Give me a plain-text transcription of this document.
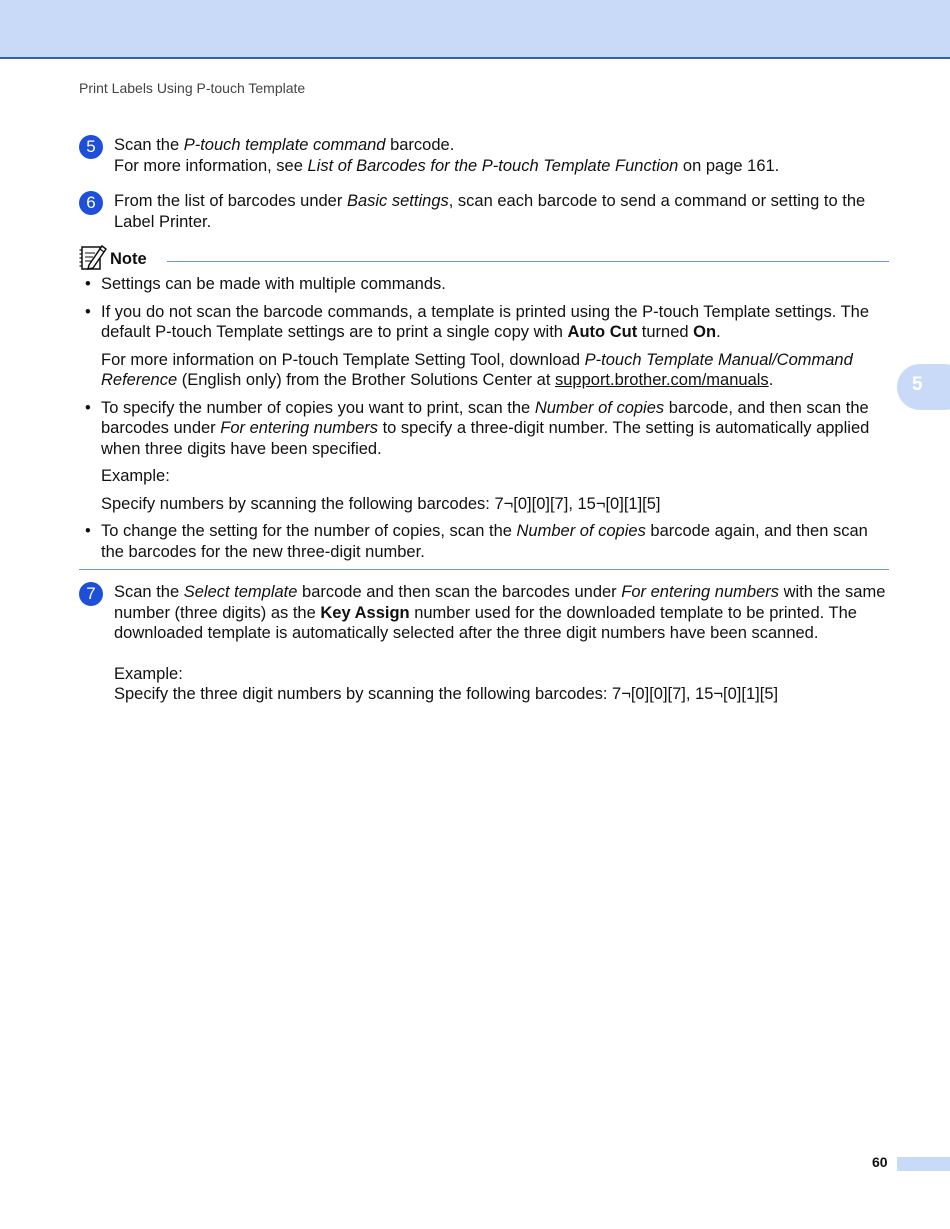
Print Labels Using P-touch Template
5	Scan the P-touch template command barcode.

For more information, see List of Barcodes for the P-touch Template Function on page 161.

6	From the list of barcodes under Basic settings, scan each barcode to send a command or setting to the Label Printer.

Note
• Settings can be made with multiple commands.

• If you do not scan the barcode commands, a template is printed using the P-touch Template settings. The default P-touch Template settings are to print a single copy with Auto Cut turned On.

For more information on P-touch Template Setting Tool, download P-touch Template Manual/Command Reference (English only) from the Brother Solutions Center at support.brother.com/manuals.

• To specify the number of copies you want to print, scan the Number of copies barcode, and then scan the barcodes under For entering numbers to specify a three-digit number. The setting is automatically applied when three digits have been specified.

Example:

Specify numbers by scanning the following barcodes: 7¬[0][0][7], 15¬[0][1][5]

• To change the setting for the number of copies, scan the Number of copies barcode again, and then scan the barcodes for the new three-digit number.

7	Scan the Select template barcode and then scan the barcodes under For entering numbers with the same number (three digits) as the Key Assign number used for the downloaded template to be printed. The downloaded template is automatically selected after the three digit numbers have been scanned.

Example:

Specify the three digit numbers by scanning the following barcodes: 7¬[0][0][7], 15¬[0][1][5]

5
60
